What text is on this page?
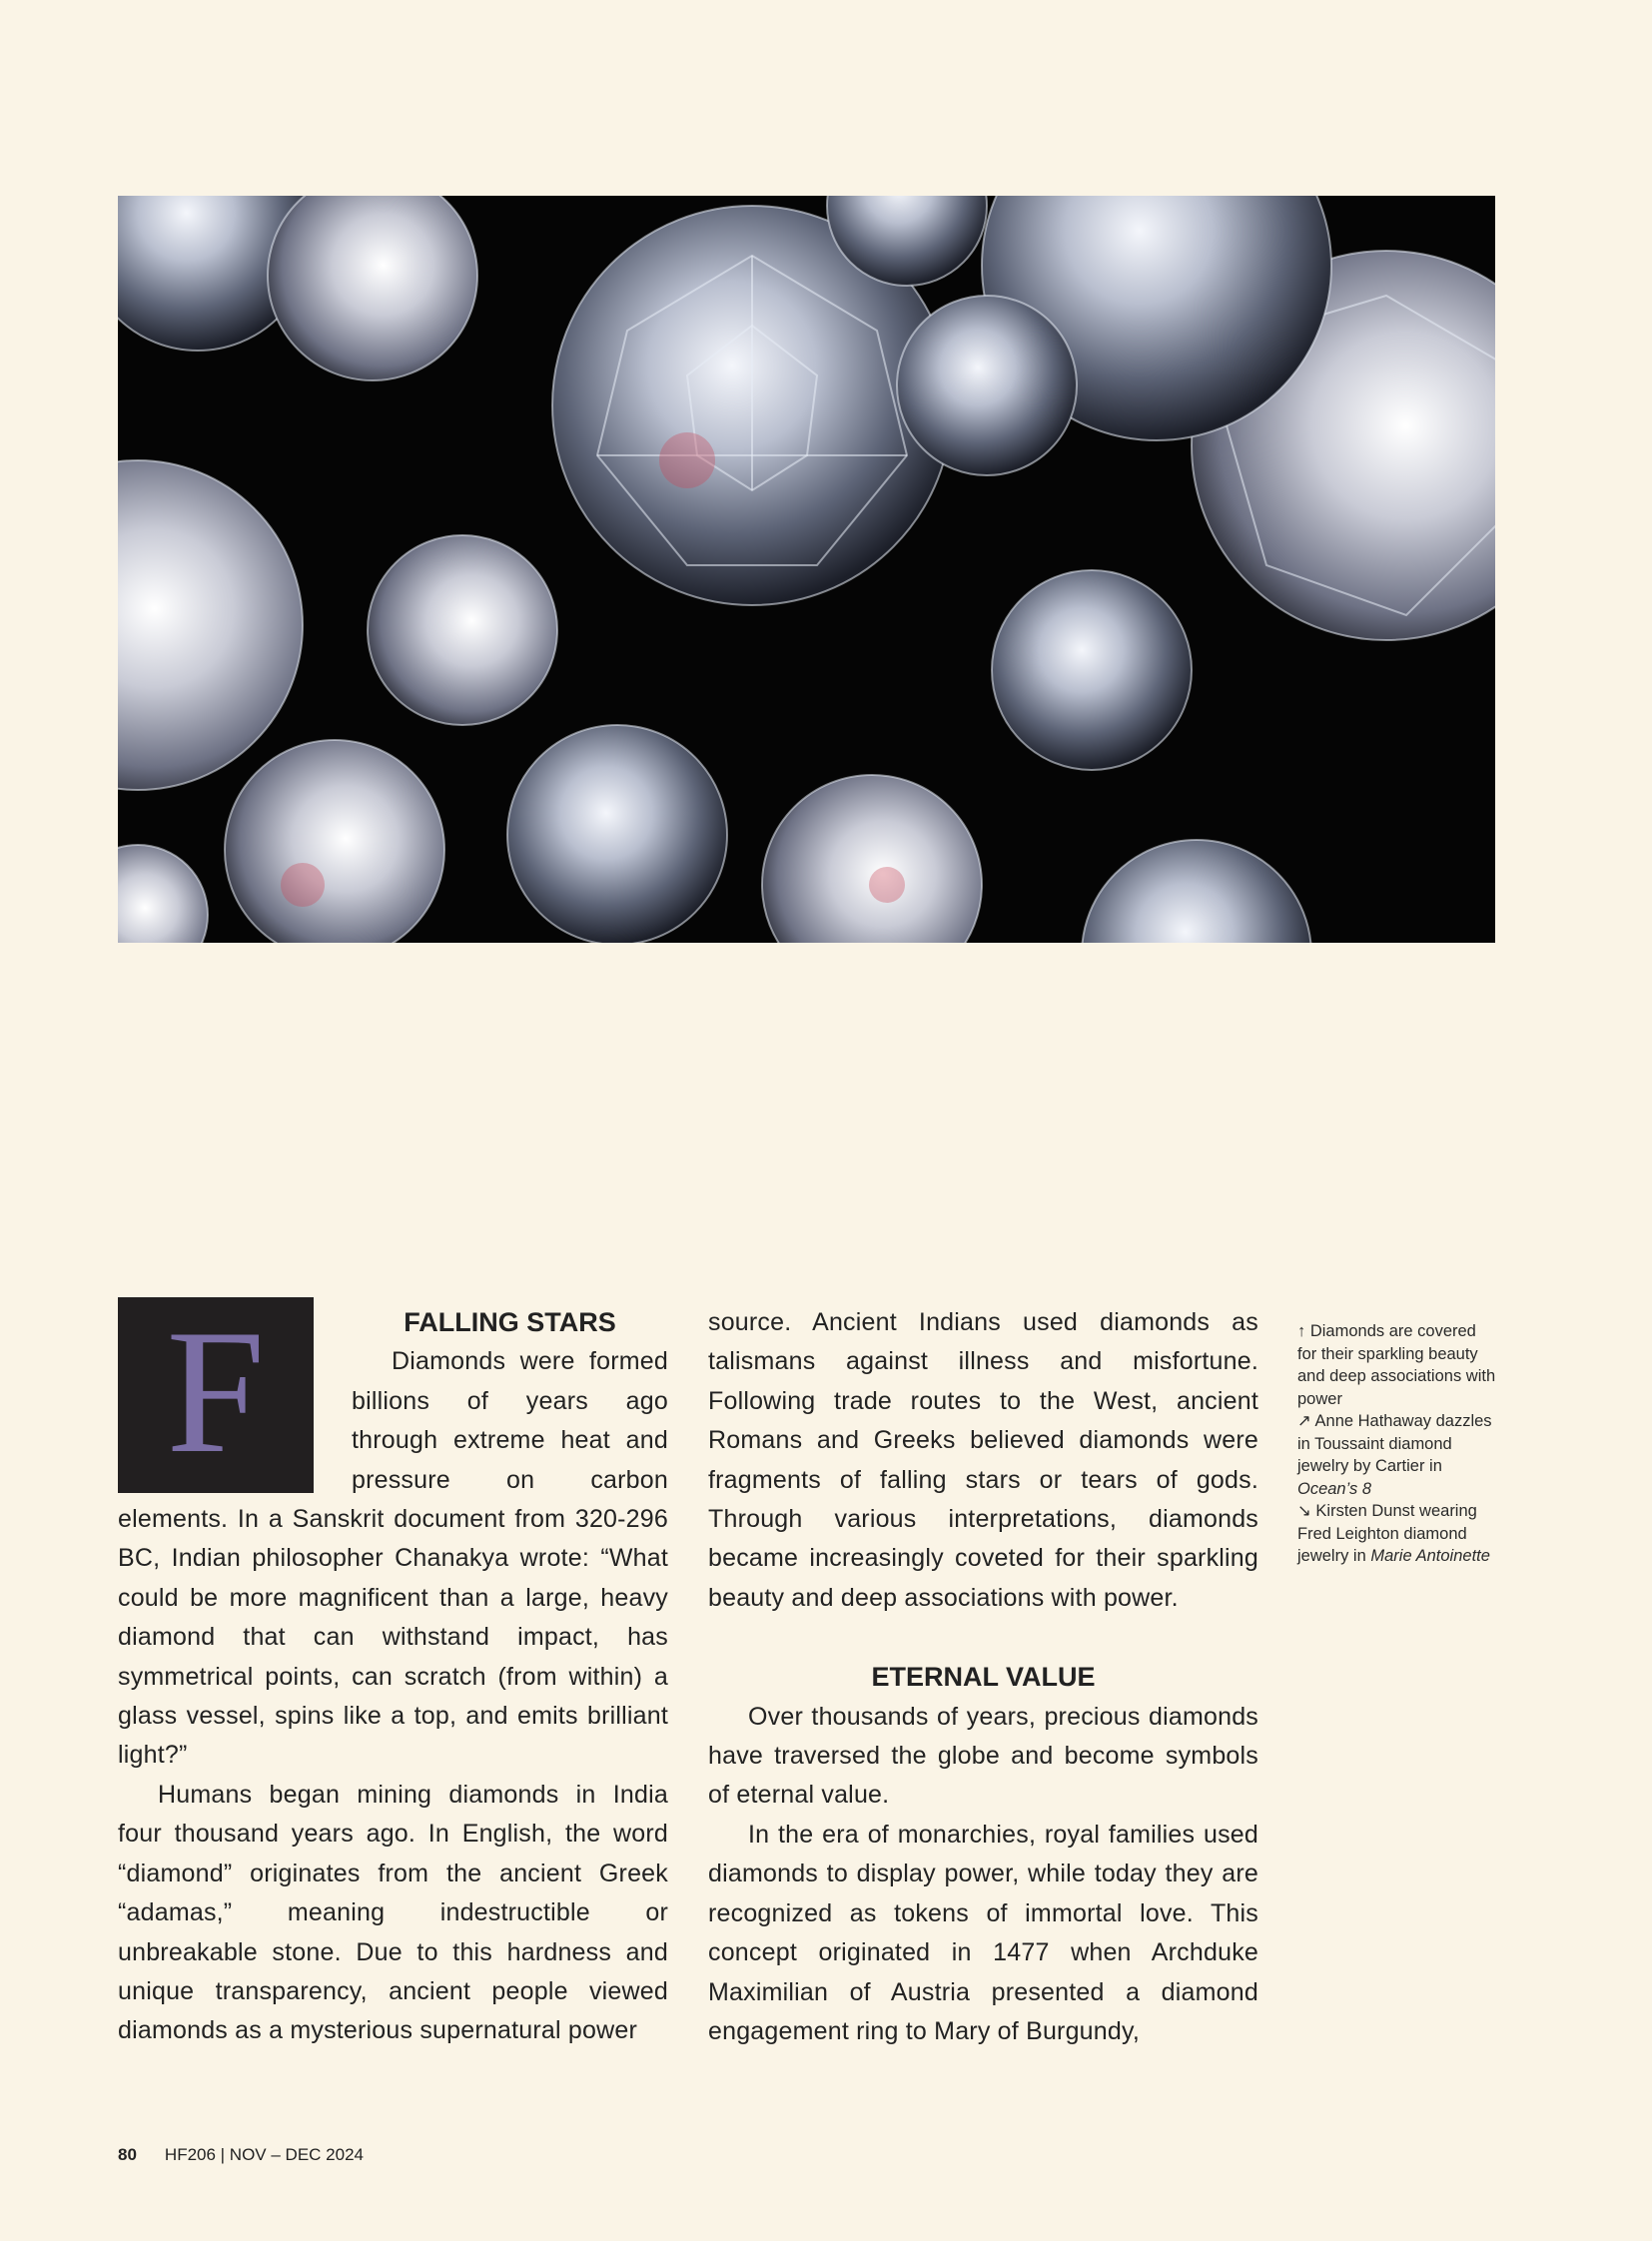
F	FALLING STARS

Diamonds were formed billions of years ago through extreme heat and pressure on carbon elements. In a Sanskrit document from 320-296 BC, Indian philosopher Chanakya wrote: “What could be more magnificent than a large, heavy diamond that can withstand impact, has symmetrical points, can scratch (from within) a glass vessel, spins like a top, and emits brilliant light?”

Humans began mining diamonds in India four thousand years ago. In English, the word “diamond” originates from the ancient Greek “adamas,” meaning indestructible or unbreakable stone. Due to this hardness and unique transparency, ancient people viewed diamonds as a mysterious supernatural power

source. Ancient Indians used diamonds as talismans against illness and misfortune. Following trade routes to the West, ancient Romans and Greeks believed diamonds were fragments of falling stars or tears of gods. Through various interpretations, diamonds became increasingly coveted for their sparkling beauty and deep associations with power.

ETERNAL VALUE

Over thousands of years, precious diamonds have traversed the globe and become symbols of eternal value.

In the era of monarchies, royal families used diamonds to display power, while today they are recognized as tokens of immortal love. This concept originated in 1477 when Archduke Maximilian of Austria presented a diamond engagement ring to Mary of Burgundy,

↑ Diamonds are covered for their sparkling beauty and deep associations with power
↗ Anne Hathaway dazzles in Toussaint diamond jewelry by Cartier in Ocean’s 8
↘ Kirsten Dunst wearing Fred Leighton diamond jewelry in Marie Antoinette
80 HF206 | NOV – DEC 2024
